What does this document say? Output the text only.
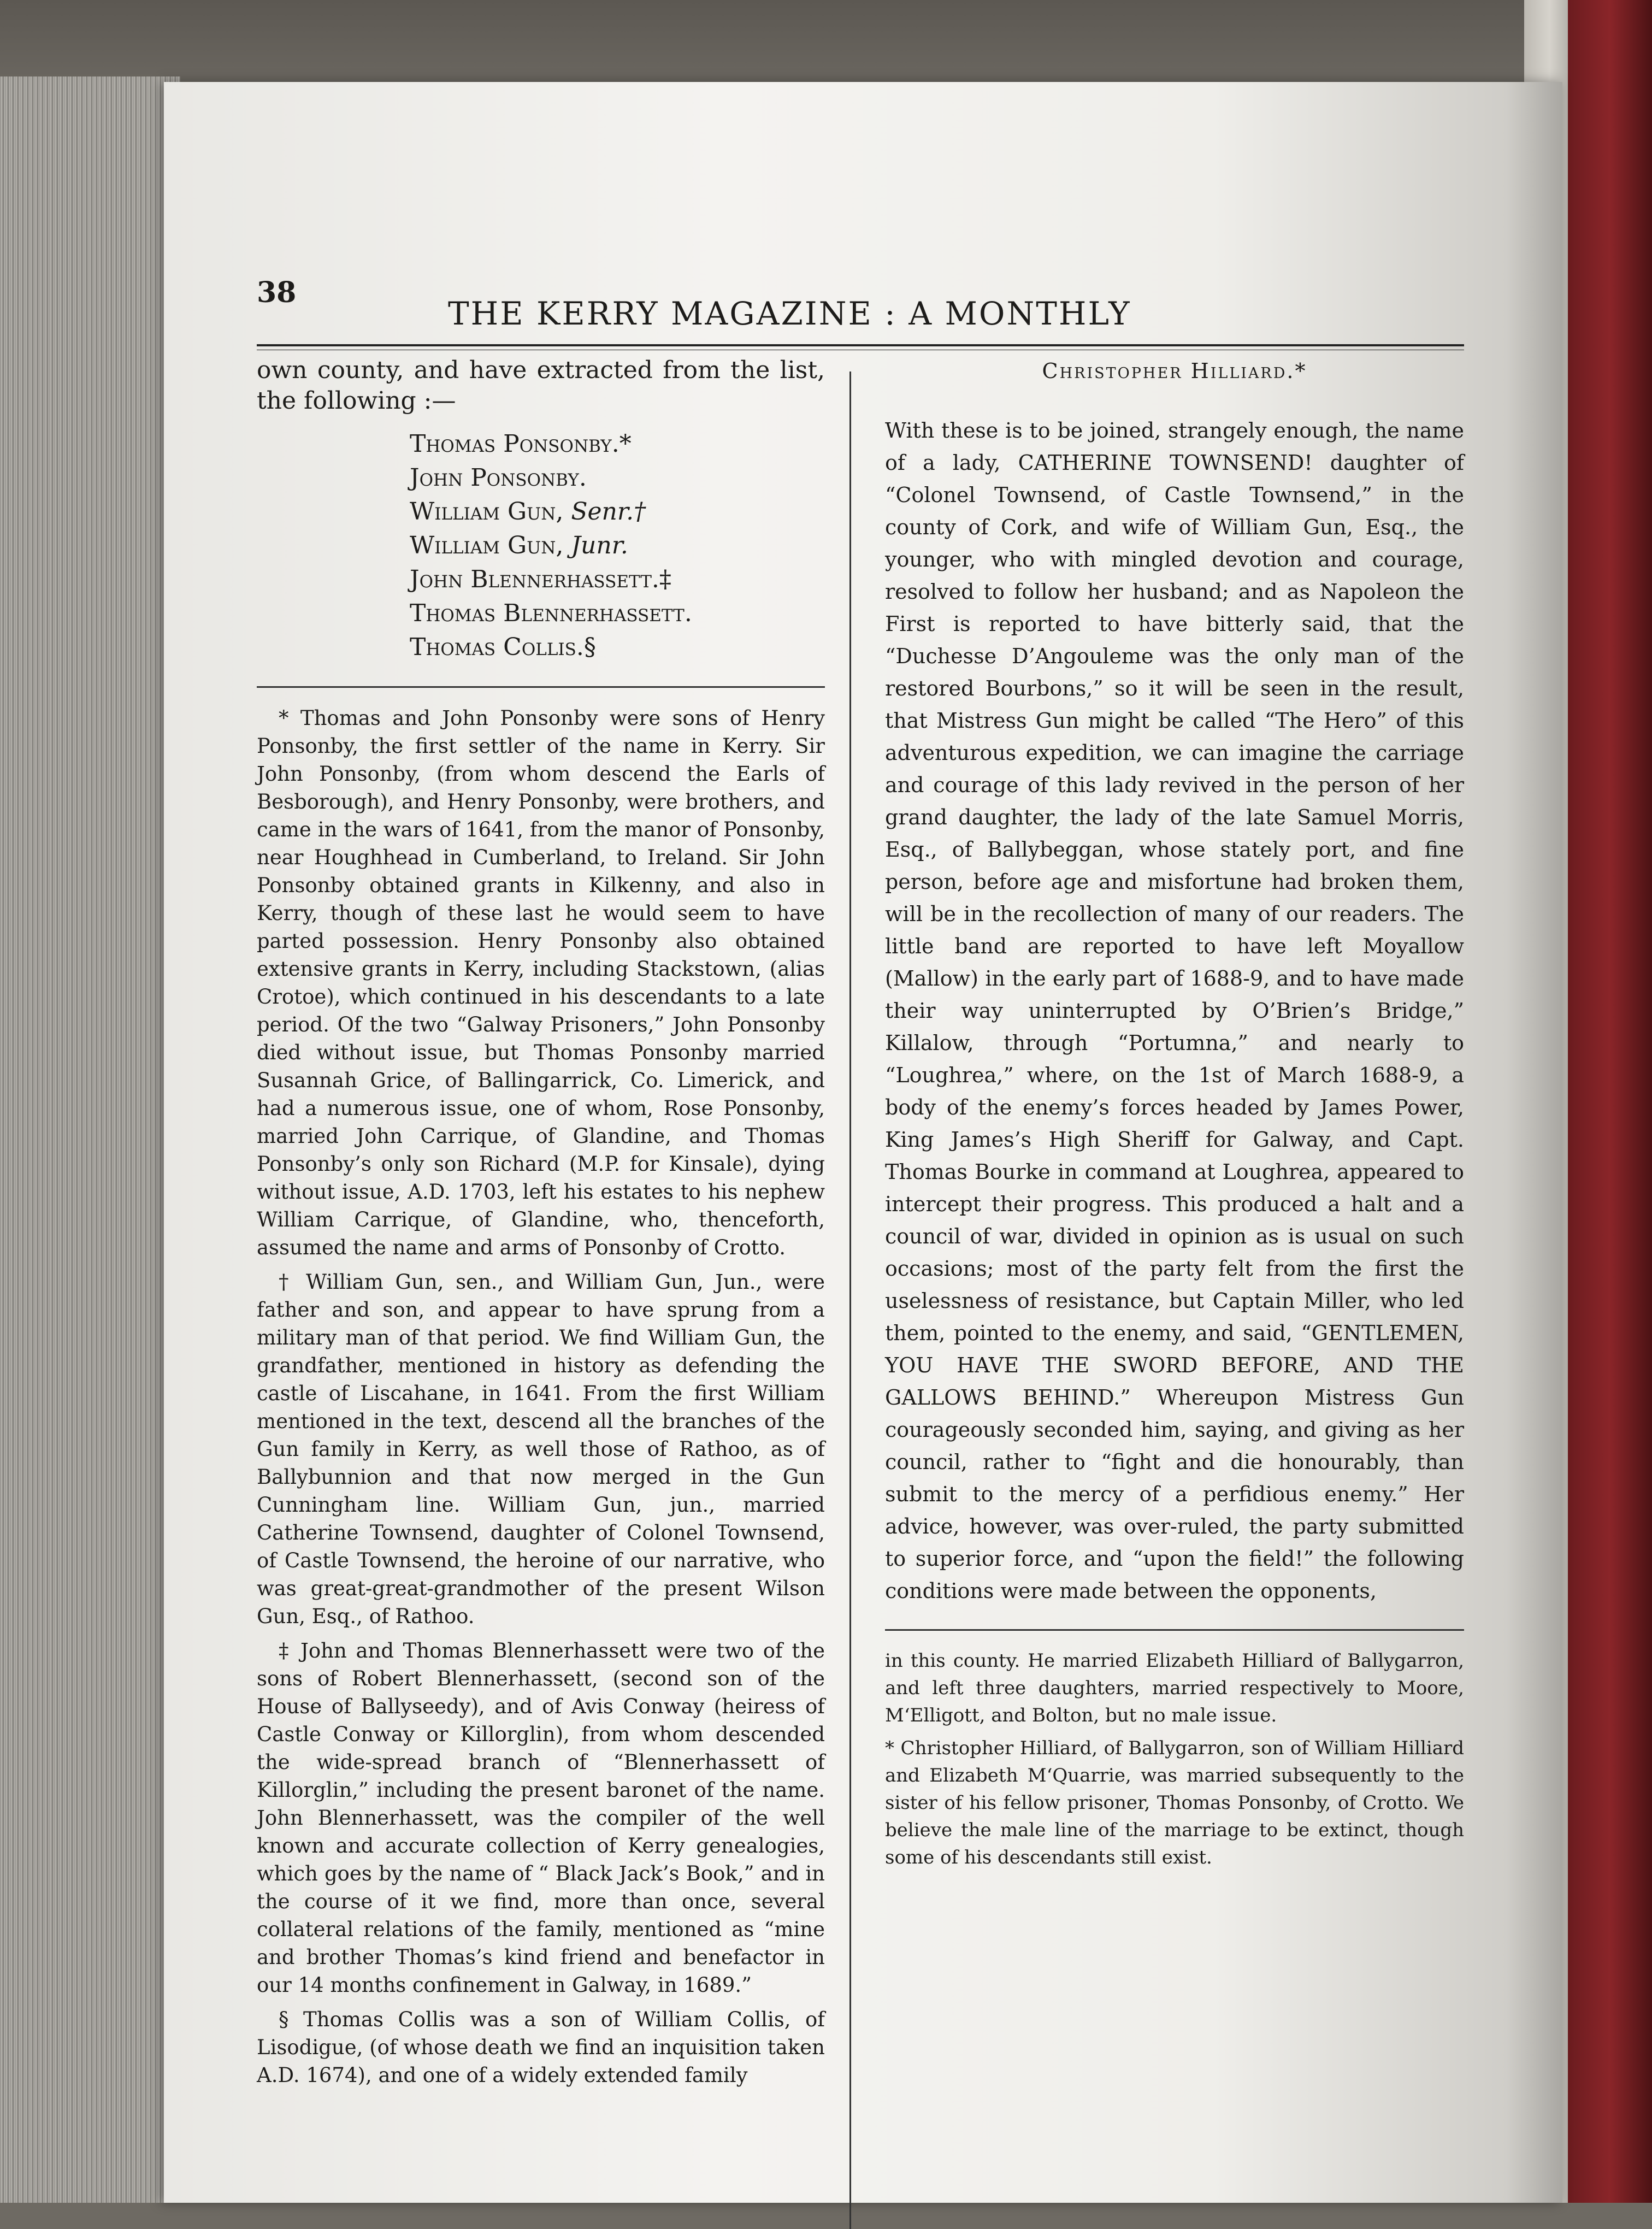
38
THE KERRY MAGAZINE : A MONTHLY

own county, and have extracted from the list, the following :—

Thomas Ponsonby.*
John Ponsonby.
William Gun, Senr.†
William Gun, Junr.
John Blennerhassett.‡
Thomas Blennerhassett.
Thomas Collis.§

* Thomas and John Ponsonby were sons of Henry Ponsonby, the first settler of the name in Kerry. Sir John Ponsonby, (from whom descend the Earls of Besborough), and Henry Ponsonby, were brothers, and came in the wars of 1641, from the manor of Ponsonby, near Houghhead in Cumberland, to Ireland. Sir John Ponsonby obtained grants in Kilkenny, and also in Kerry, though of these last he would seem to have parted possession. Henry Ponsonby also obtained extensive grants in Kerry, including Stackstown, (alias Crotoe), which continued in his descendants to a late period. Of the two “Galway Prisoners,” John Ponsonby died without issue, but Thomas Ponsonby married Susannah Grice, of Ballingarrick, Co. Limerick, and had a numerous issue, one of whom, Rose Ponsonby, married John Carrique, of Glandine, and Thomas Ponsonby’s only son Richard (M.P. for Kinsale), dying without issue, A.D. 1703, left his estates to his nephew William Carrique, of Glandine, who, thenceforth, assumed the name and arms of Ponsonby of Crotto.

† William Gun, sen., and William Gun, Jun., were father and son, and appear to have sprung from a military man of that period. We find William Gun, the grandfather, mentioned in history as defending the castle of Liscahane, in 1641. From the first William mentioned in the text, descend all the branches of the Gun family in Kerry, as well those of Rathoo, as of Ballybunnion and that now merged in the Gun Cunningham line. William Gun, jun., married Catherine Townsend, daughter of Colonel Townsend, of Castle Townsend, the heroine of our narrative, who was great-great-grandmother of the present Wilson Gun, Esq., of Rathoo.

‡ John and Thomas Blennerhassett were two of the sons of Robert Blennerhassett, (second son of the House of Ballyseedy), and of Avis Conway (heiress of Castle Conway or Killorglin), from whom descended the wide-spread branch of “Blennerhassett of Killorglin,” including the present baronet of the name. John Blennerhassett, was the compiler of the well known and accurate collection of Kerry genealogies, which goes by the name of “ Black Jack’s Book,” and in the course of it we find, more than once, several collateral relations of the family, mentioned as “mine and brother Thomas’s kind friend and benefactor in our 14 months confinement in Galway, in 1689.”

§ Thomas Collis was a son of William Collis, of Lisodigue, (of whose death we find an inquisition taken A.D. 1674), and one of a widely extended family

Christopher Hilliard.*

With these is to be joined, strangely enough, the name of a lady, CATHERINE TOWNSEND! daughter of “Colonel Townsend, of Castle Townsend,” in the county of Cork, and wife of William Gun, Esq., the younger, who with mingled devotion and courage, resolved to follow her husband; and as Napoleon the First is reported to have bitterly said, that the “Duchesse D’Angouleme was the only man of the restored Bourbons,” so it will be seen in the result, that Mistress Gun might be called “The Hero” of this adventurous expedition, we can imagine the carriage and courage of this lady revived in the person of her grand daughter, the lady of the late Samuel Morris, Esq., of Ballybeggan, whose stately port, and fine person, before age and misfortune had broken them, will be in the recollection of many of our readers. The little band are reported to have left Moyallow (Mallow) in the early part of 1688-9, and to have made their way uninterrupted by O’Brien’s Bridge,” Killalow, through “Portumna,” and nearly to “Loughrea,” where, on the 1st of March 1688-9, a body of the enemy’s forces headed by James Power, King James’s High Sheriff for Galway, and Capt. Thomas Bourke in command at Loughrea, appeared to intercept their progress. This produced a halt and a council of war, divided in opinion as is usual on such occasions; most of the party felt from the first the uselessness of resistance, but Captain Miller, who led them, pointed to the enemy, and said, “GENTLEMEN, YOU HAVE THE SWORD BEFORE, AND THE GALLOWS BEHIND.” Whereupon Mistress Gun courageously seconded him, saying, and giving as her council, rather to “fight and die honourably, than submit to the mercy of a perfidious enemy.” Her advice, however, was over-ruled, the party submitted to superior force, and “upon the field!” the following conditions were made between the opponents,

in this county. He married Elizabeth Hilliard of Ballygarron, and left three daughters, married respectively to Moore, M‘Elligott, and Bolton, but no male issue.

* Christopher Hilliard, of Ballygarron, son of William Hilliard and Elizabeth M‘Quarrie, was married subsequently to the sister of his fellow prisoner, Thomas Ponsonby, of Crotto. We believe the male line of the marriage to be extinct, though some of his descendants still exist.
